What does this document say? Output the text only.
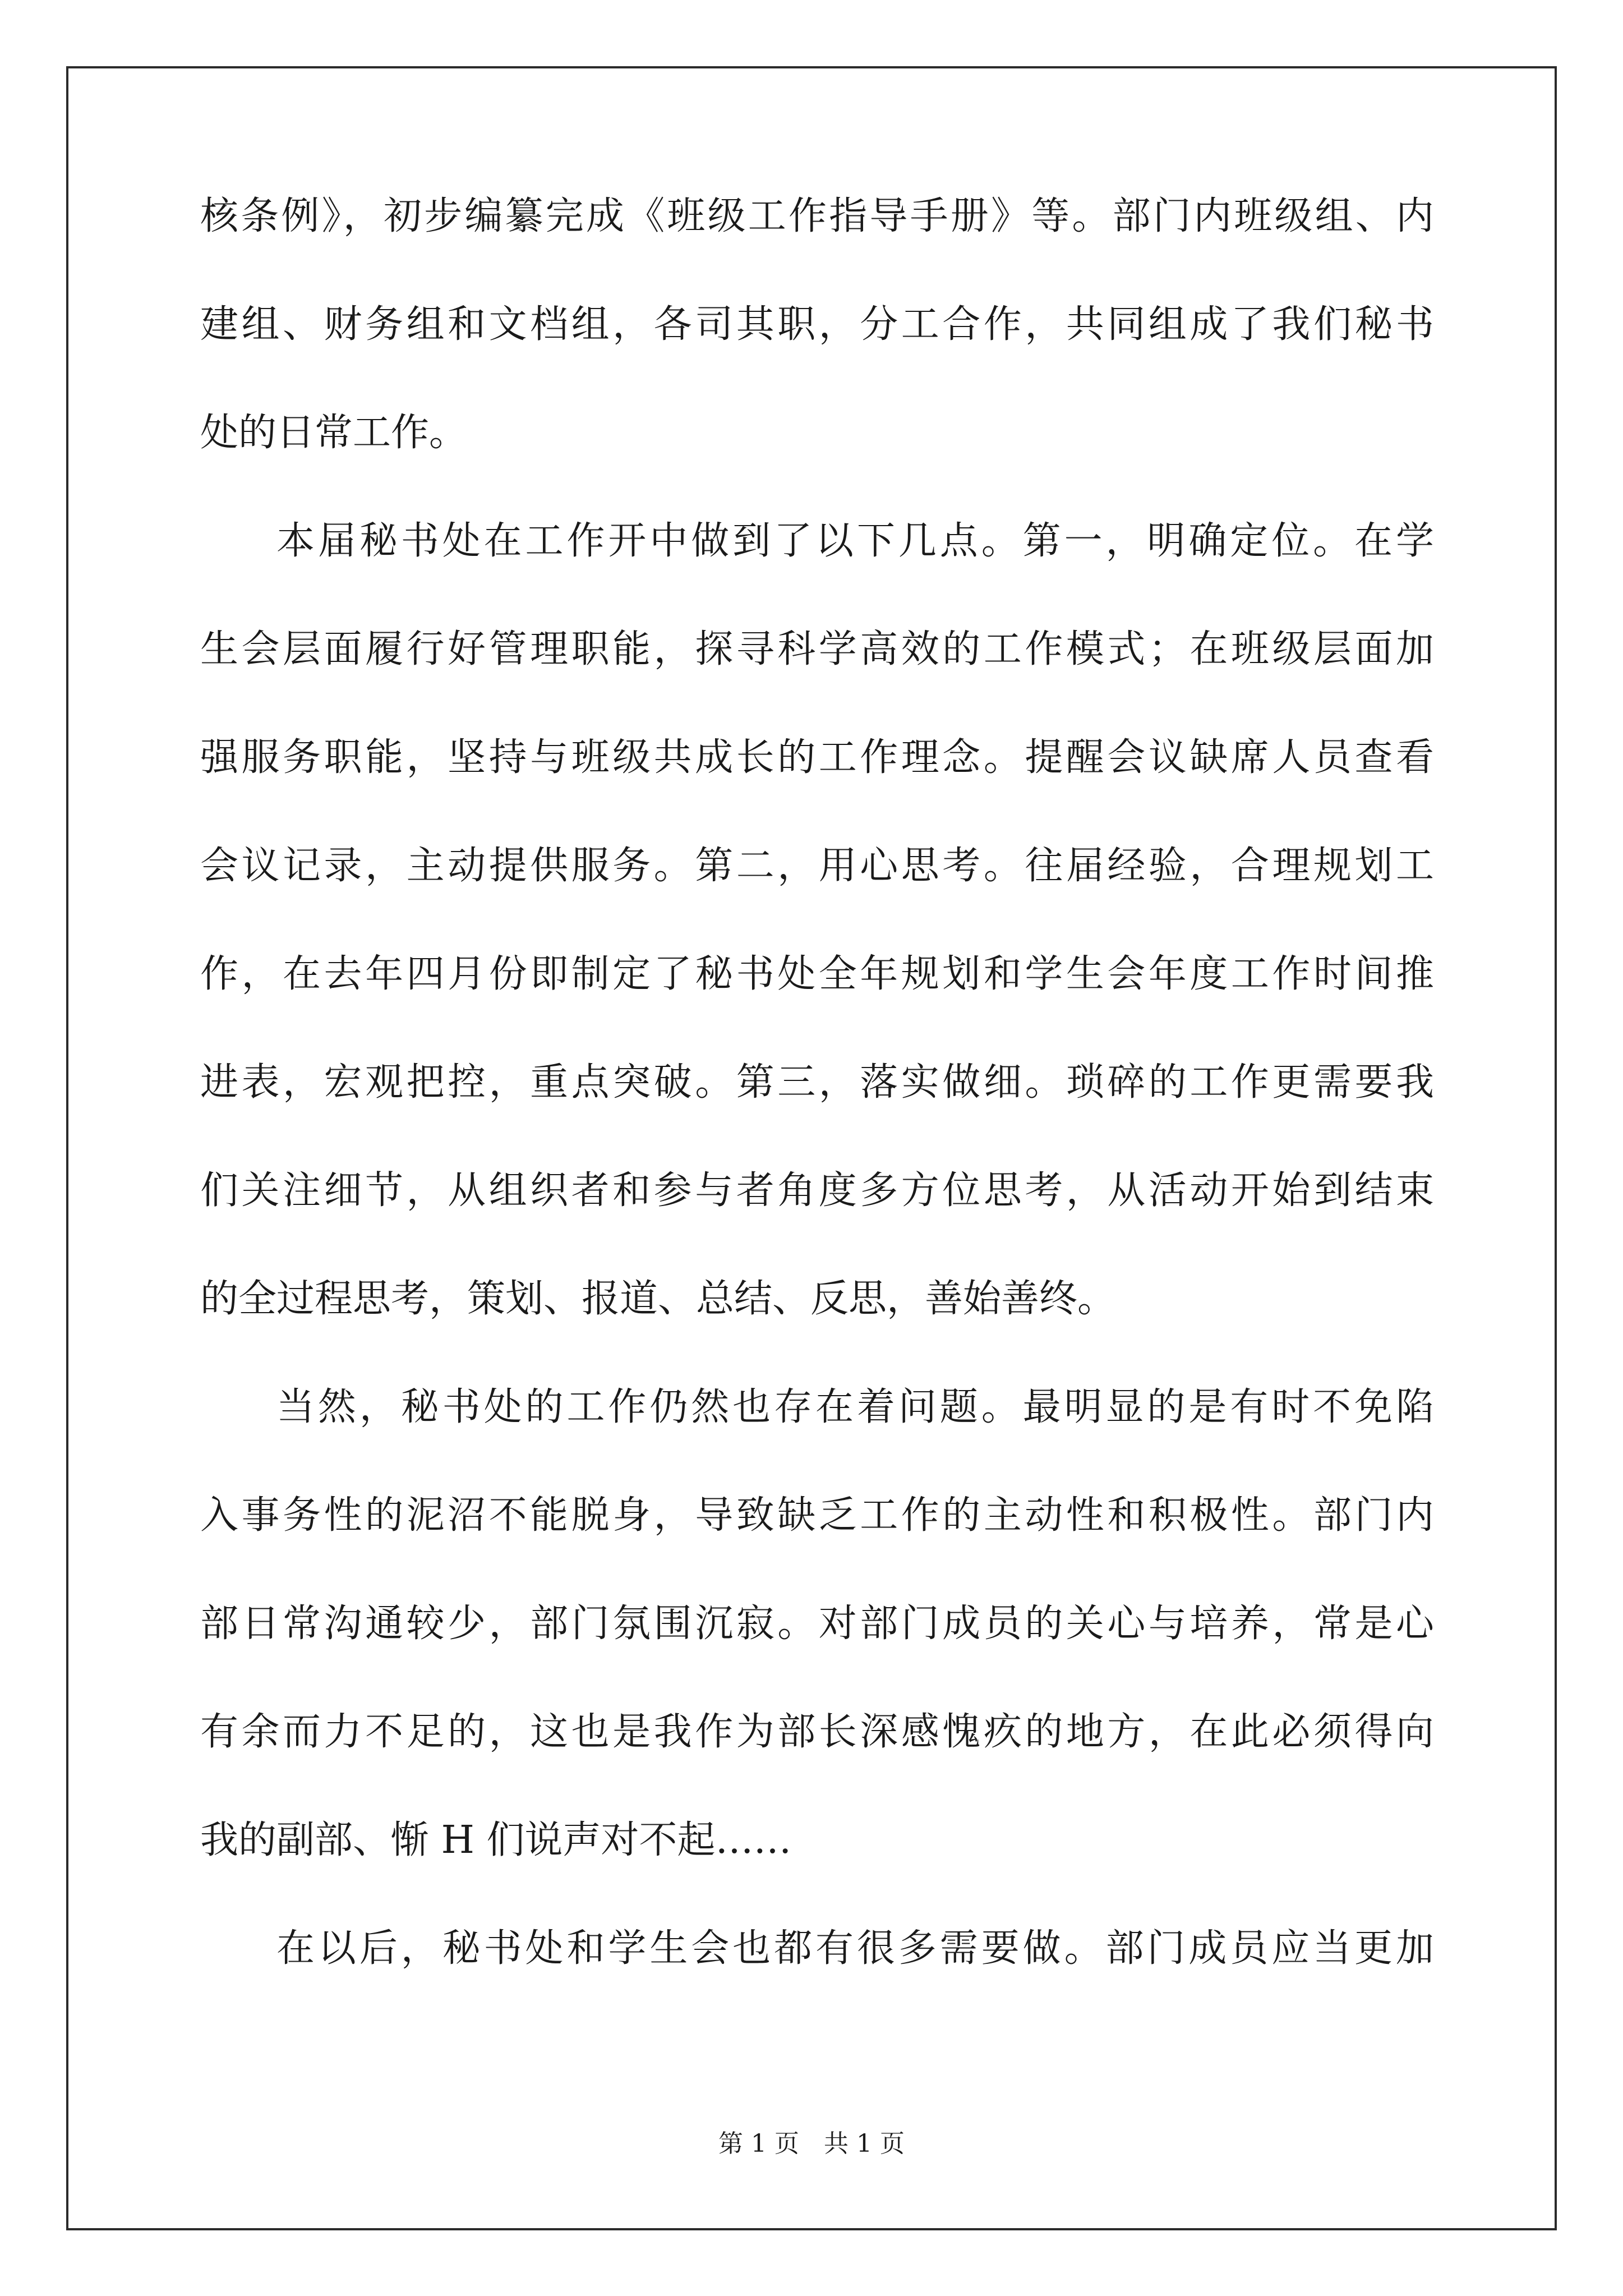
核条例》，初步编纂完成《班级工作指导手册》等。部门内班级组、内
建组、财务组和文档组，各司其职，分工合作，共同组成了我们秘书
处的日常工作。
本届秘书处在工作开中做到了以下几点。第一，明确定位。在学
生会层面履行好管理职能，探寻科学高效的工作模式；在班级层面加
强服务职能，坚持与班级共成长的工作理念。提醒会议缺席人员查看
会议记录，主动提供服务。第二，用心思考。往届经验，合理规划工
作，在去年四月份即制定了秘书处全年规划和学生会年度工作时间推
进表，宏观把控，重点突破。第三，落实做细。琐碎的工作更需要我
们关注细节，从组织者和参与者角度多方位思考，从活动开始到结束
的全过程思考，策划、报道、总结、反思，善始善终。
当然，秘书处的工作仍然也存在着问题。最明显的是有时不免陷
入事务性的泥沼不能脱身，导致缺乏工作的主动性和积极性。部门内
部日常沟通较少，部门氛围沉寂。对部门成员的关心与培养，常是心
有余而力不足的，这也是我作为部长深感愧疚的地方，在此必须得向
我的副部、惭 H 们说声对不起……
在以后，秘书处和学生会也都有很多需要做。部门成员应当更加
第 1 页 共 1 页
